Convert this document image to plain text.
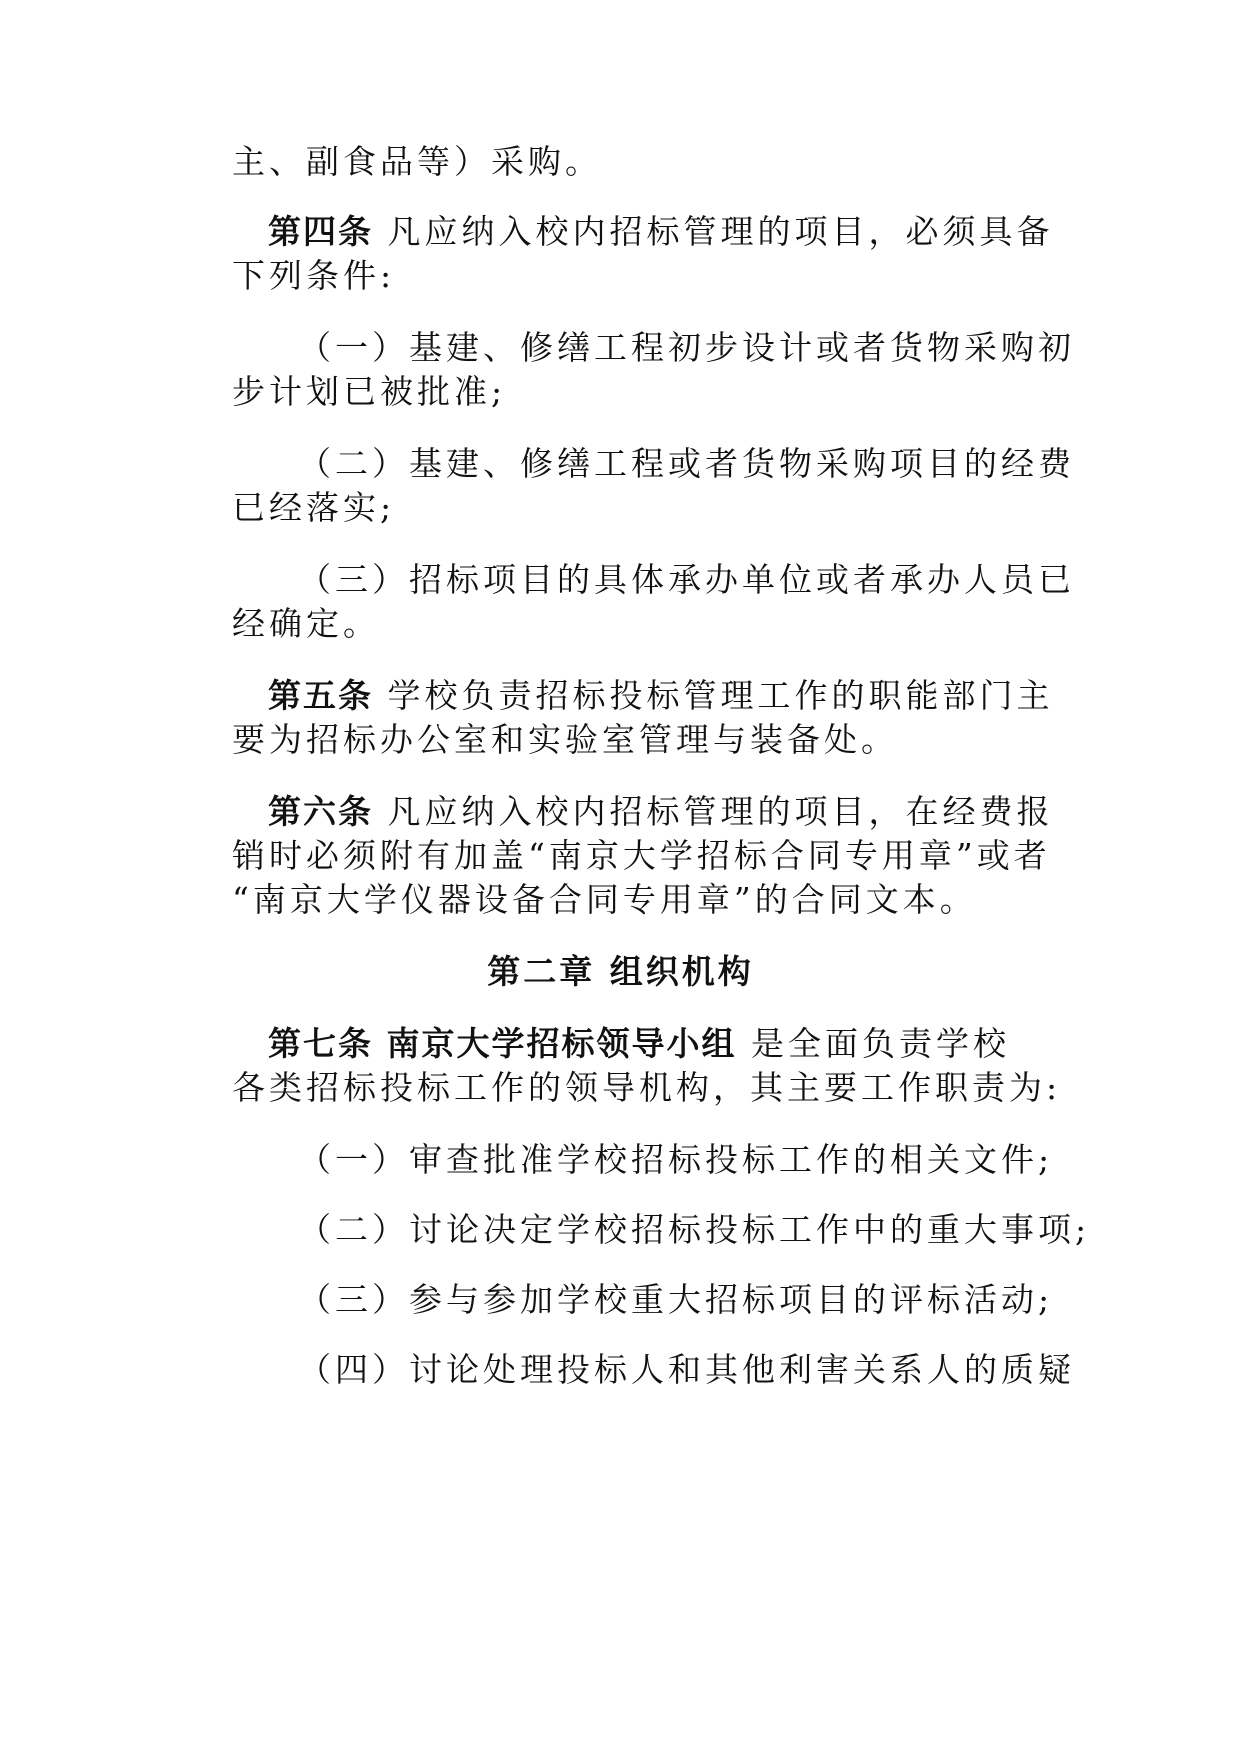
主、副食品等）采购。
第四条 凡应纳入校内招标管理的项目，必须具备
下列条件:
（一）基建、修缮工程初步设计或者货物采购初
步计划已被批准;
（二）基建、修缮工程或者货物采购项目的经费
已经落实;
（三）招标项目的具体承办单位或者承办人员已
经确定。
第五条 学校负责招标投标管理工作的职能部门主
要为招标办公室和实验室管理与装备处。
第六条 凡应纳入校内招标管理的项目，在经费报
销时必须附有加盖“南京大学招标合同专用章”或者
“南京大学仪器设备合同专用章”的合同文本。
第二章 组织机构
第七条 南京大学招标领导小组 是全面负责学校
各类招标投标工作的领导机构，其主要工作职责为:
（一）审查批准学校招标投标工作的相关文件;
（二）讨论决定学校招标投标工作中的重大事项;
（三）参与参加学校重大招标项目的评标活动;
（四）讨论处理投标人和其他利害关系人的质疑
